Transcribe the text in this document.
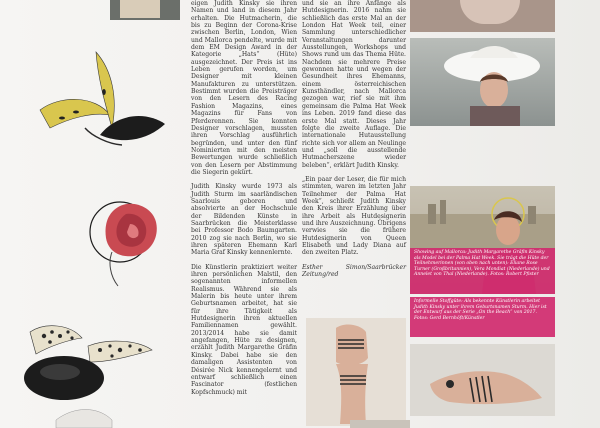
eigen Judith Kinsky sie ihren Namen und land in diesem Jahr erhalten. Die Hutmacherin, die bis zu Beginn der Corona-Krise zwischen Berlin, London, Wien und Mallorca pendelte, wurde mit dem EM Design Award in der Kategorie „Hats“ (Hüte) ausgezeichnet. Der Preis ist ins Leben gerufen worden, um Designer mit kleinen Manufakturen zu unterstützen. Bestimmt wurden die Preisträger von den Lesern des Racing Fashion Magazins, eines Magazins für Fans von Pferderennen. Sie konnten Designer vorschlagen, mussten ihren Vorschlag ausführlich begründen, und unter den fünf Nominierten mit den meisten Bewertungen wurde schließlich von den Lesern per Abstimmung die Siegerin gekürt.

Judith Kinsky wurde 1973 als Judith Sturm im saarländischen Saarlouis geboren und absolvierte an der Hochschule der Bildenden Künste in Saarbrücken die Meisterklasse bei Professor Bodo Baumgarten. 2010 zog sie nach Berlin, wo sie ihren späteren Ehemann Karl Maria Graf Kinsky kennenlernte.

Die Künstlerin praktiziert weiter ihren persönlichen Malstil, den sogenannten informellen Realismus. Während sie als Malerin bis heute unter ihrem Geburtsnamen arbeitet, hat sie für ihre Tätigkeit als Hutdesignerin ihren aktuellen Familiennamen gewählt. 2013/2014 habe sie damit angefangen, Hüte zu designen, erzählt Judith Margarethe Gräfin Kinsky. Dabei habe sie den damaligen Assistenten von Désirée Nick kennengelernt und entwarf schließlich einen Fascinator (festlichen Kopfschmuck) mit

und sie an ihre Anfänge als Hutdesignerin. 2016 nahm sie schließlich das erste Mal an der London Hat Week teil, einer Sammlung unterschiedlicher Veranstaltungen darunter Ausstellungen, Workshops und Shows rund um das Thema Hüte. Nachdem sie mehrere Preise gewonnen hatte und wegen der Gesundheit ihres Ehemanns, einem österreichischen Kunsthändler, nach Mallorca gezogen war, rief sie mit ihm gemeinsam die Palma Hat Week ins Leben. 2019 fand diese das erste Mal statt. Dieses Jahr folgte die zweite Auflage. Die internationale Hutausstellung richte sich vor allem an Neulinge und „soll die ausstellende Hutmacherszene wieder beleben“, erklärt Judith Kinsky.

„Ein paar der Leser, die für mich stimmten, waren im letzten Jahr Teilnehmer der Palma Hat Week“, schließt Judith Kinsky den Kreis ihrer Erzählung über ihre Arbeit als Hutdesignerin und ihre Auszeichnung. Übrigens verwies sie die frühere Hutdesignerin von Queen Elisabeth und Lady Diana auf den zweiten Platz.

Esther Simon/Saarbrücker Zeitung/red

Showing auf Mallorca: Judith Margarethe Gräfin Kinsky als Model bei der Palma Hat Week. Sie trägt die Hüte der Teilnehmerinnen (von oben nach unten): Eliane Rose Turner (Großbritannien), Vera Mondiat (Niederlande) und Annelet von Thal (Niederlande). Fotos: Robert Pfister
Informelle Stoffgüte: Als bekennte Künstlerin arbeitet Judith Kinsky unter ihrem Geburtsnamen Sturm. Hier ist der Entwurf aus der Serie „On the Beach“ von 2017. Fotos: Gerd Bernhöft/Künstler
